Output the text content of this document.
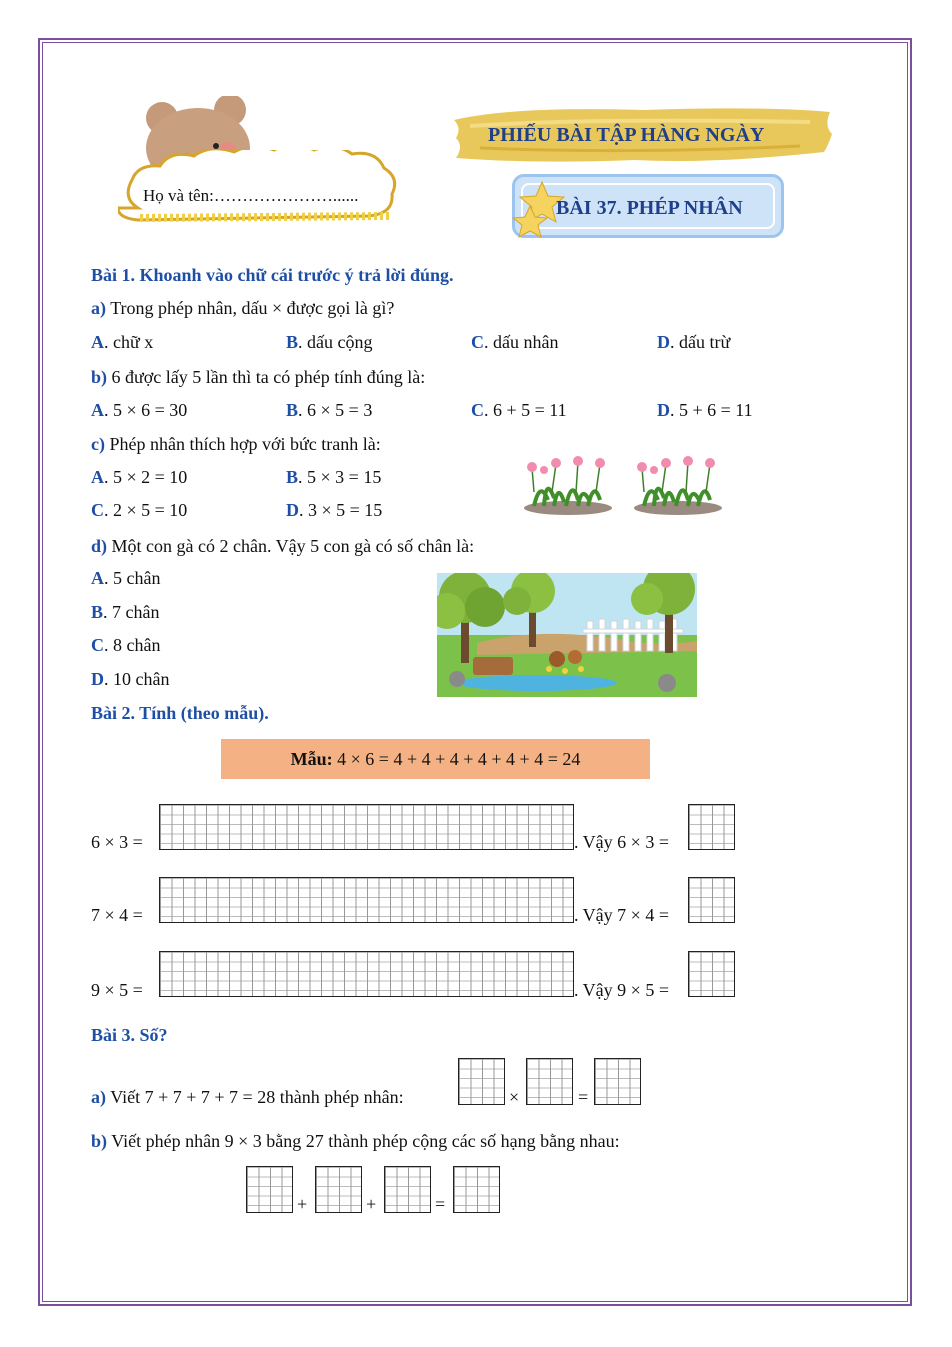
Họ và tên:…………………......
PHIẾU BÀI TẬP HÀNG NGÀY
BÀI 37. PHÉP NHÂN
Bài 1. Khoanh vào chữ cái trước ý trả lời đúng.
a) Trong phép nhân, dấu × được gọi là gì?
A. chữ x	B. dấu cộng	C. dấu nhân	D. dấu trừ
b) 6 được lấy 5 lần thì ta có phép tính đúng là:
A. 5 × 6 = 30	B. 6 × 5 = 3	C. 6 + 5 = 11	D. 5 + 6 = 11
c) Phép nhân thích hợp với bức tranh là:
A. 5 × 2 = 10	B. 5 × 3 = 15
C. 2 × 5 = 10	D. 3 × 5 = 15
d) Một con gà có 2 chân. Vậy 5 con gà có số chân là:
A. 5 chân
B. 7 chân
C. 8 chân
D. 10 chân
Bài 2. Tính (theo mẫu).
Mẫu: 4 × 6 = 4 + 4 + 4 + 4 + 4 + 4 = 24
6 × 3 =	. Vậy 6 × 3 =
7 × 4 =	. Vậy 7 × 4 =
9 × 5 =	. Vậy 9 × 5 =
Bài 3. Số?
a) Viết 7 + 7 + 7 + 7 = 28 thành phép nhân:	×	=
b) Viết phép nhân 9 × 3 bằng 27 thành phép cộng các số hạng bằng nhau:
+	+	=
